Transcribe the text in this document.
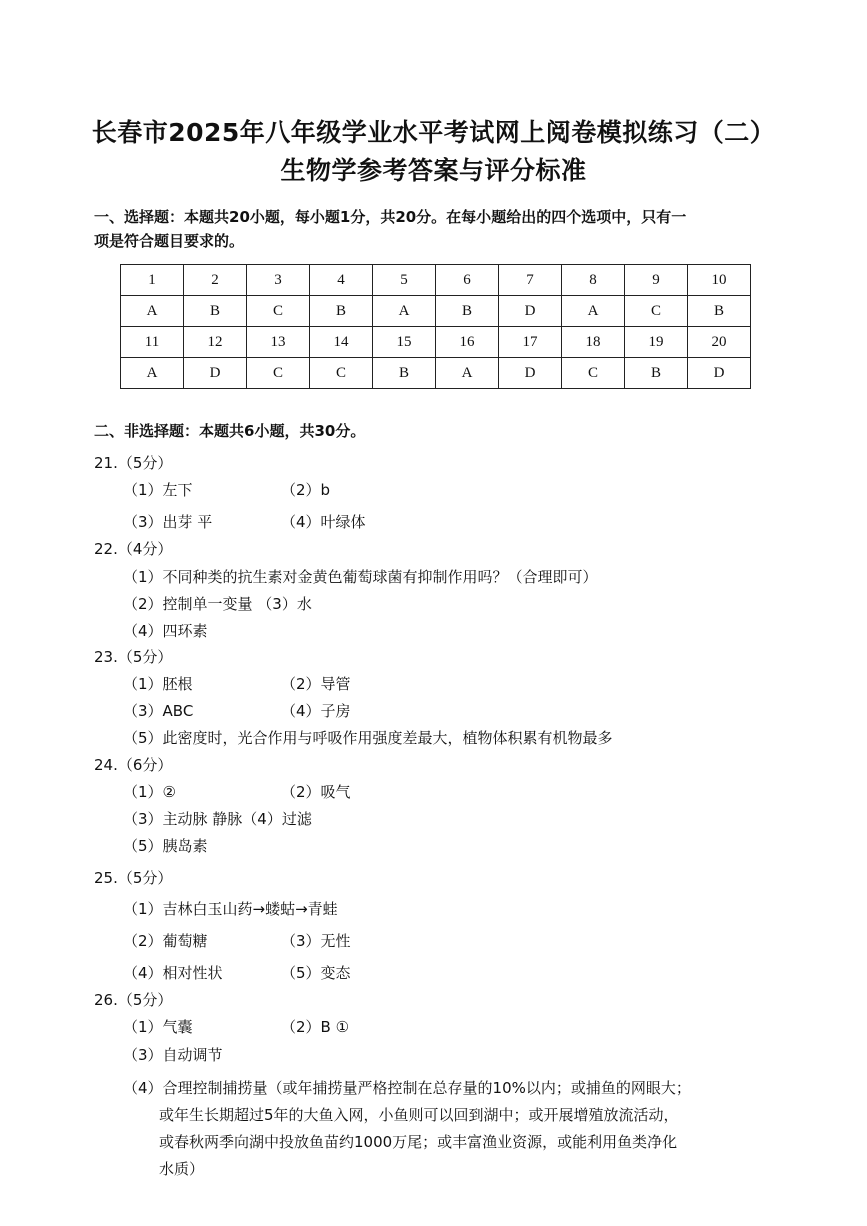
长春市2025年八年级学业水平考试网上阅卷模拟练习（二）
生物学参考答案与评分标准
一、选择题：本题共20小题，每小题1分，共20分。在每小题给出的四个选项中，只有一
项是符合题目要求的。
1	2	3	4	5	6	7	8	9	10
A	B	C	B	A	B	D	A	C	B
11	12	13	14	15	16	17	18	19	20
A	D	C	C	B	A	D	C	B	D
二、非选择题：本题共6小题，共30分。
21.（5分）
（1）左下	（2）b
（3）出芽 平	（4）叶绿体
22.（4分）
（1）不同种类的抗生素对金黄色葡萄球菌有抑制作用吗？（合理即可）
（2）控制单一变量 （3）水
（4）四环素
23.（5分）
（1）胚根	（2）导管
（3）ABC	（4）子房
（5）此密度时，光合作用与呼吸作用强度差最大，植物体积累有机物最多
24.（6分）
（1）②	（2）吸气
（3）主动脉 静脉（4）过滤
（5）胰岛素
25.（5分）
（1）吉林白玉山药→蝼蛄→青蛙
（2）葡萄糖	（3）无性
（4）相对性状	（5）变态
26.（5分）
（1）气囊	（2）B ①
（3）自动调节
（4）合理控制捕捞量（或年捕捞量严格控制在总存量的10%以内；或捕鱼的网眼大；
或年生长期超过5年的大鱼入网，小鱼则可以回到湖中；或开展增殖放流活动，
或春秋两季向湖中投放鱼苗约1000万尾；或丰富渔业资源，或能利用鱼类净化
水质）
